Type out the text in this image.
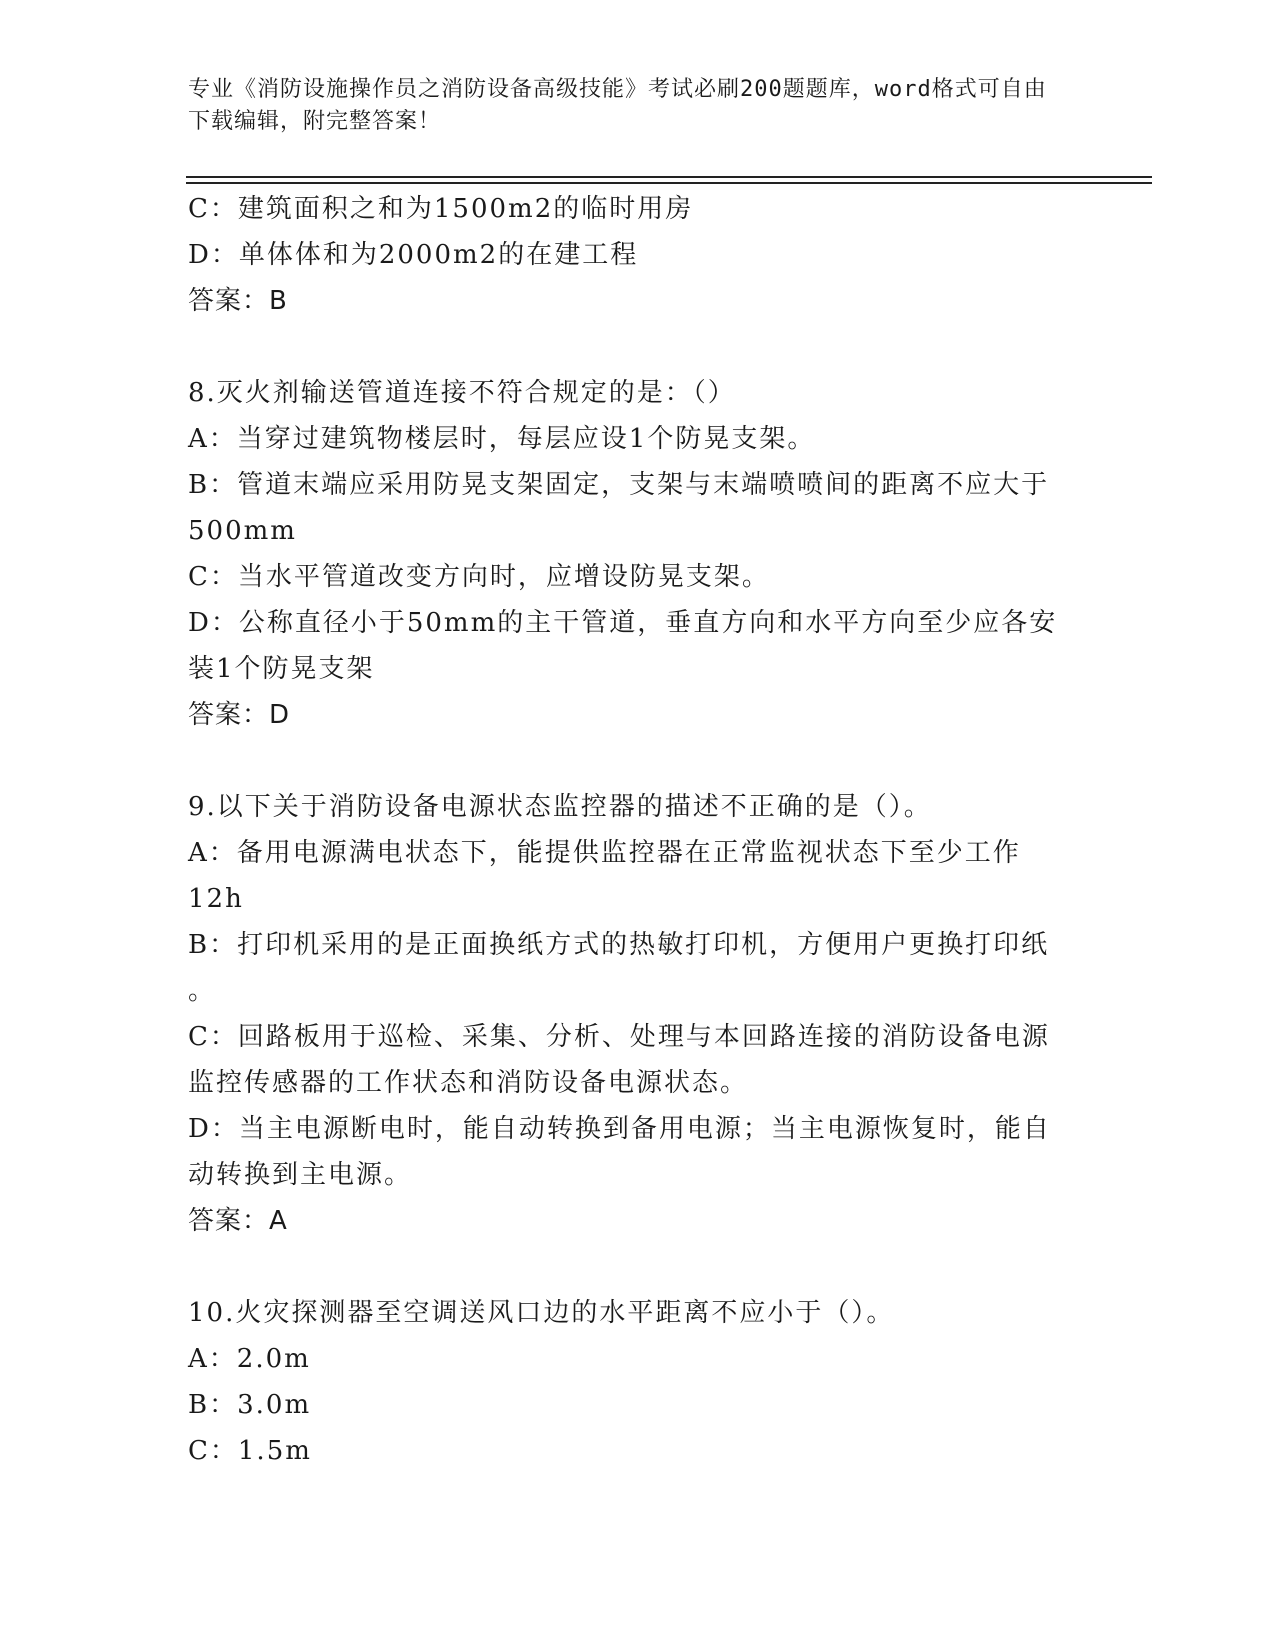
专业《消防设施操作员之消防设备高级技能》考试必刷200题题库，word格式可自由下载编辑，附完整答案！
C：建筑面积之和为1500m2的临时用房
D：单体体和为2000m2的在建工程
答案：B
8.灭火剂输送管道连接不符合规定的是：（）
A：当穿过建筑物楼层时，每层应设1个防晃支架。
B：管道末端应采用防晃支架固定，支架与末端喷喷间的距离不应大于
500mm
C：当水平管道改变方向时，应增设防晃支架。
D：公称直径小于50mm的主干管道，垂直方向和水平方向至少应各安
装1个防晃支架
答案：D
9.以下关于消防设备电源状态监控器的描述不正确的是（）。
A：备用电源满电状态下，能提供监控器在正常监视状态下至少工作
12h
B：打印机采用的是正面换纸方式的热敏打印机，方便用户更换打印纸
。
C：回路板用于巡检、采集、分析、处理与本回路连接的消防设备电源
监控传感器的工作状态和消防设备电源状态。
D：当主电源断电时，能自动转换到备用电源；当主电源恢复时，能自
动转换到主电源。
答案：A
10.火灾探测器至空调送风口边的水平距离不应小于（）。
A：2.0m
B：3.0m
C：1.5m
